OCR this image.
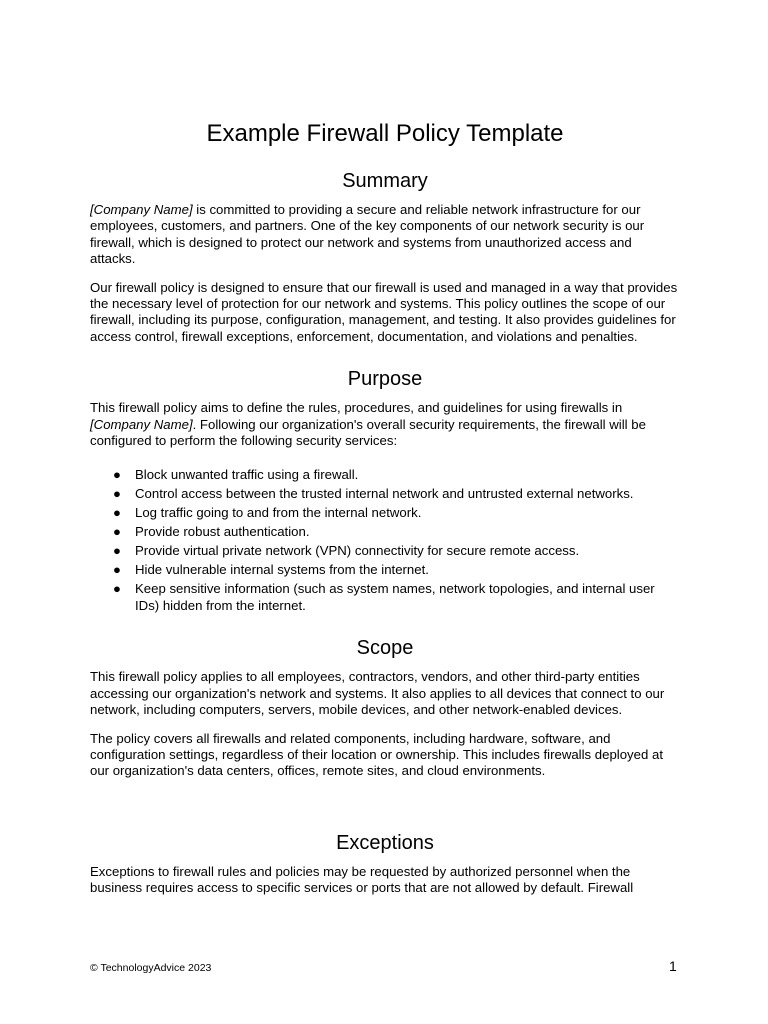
Example Firewall Policy Template
Summary

[Company Name] is committed to providing a secure and reliable network infrastructure for our employees, customers, and partners. One of the key components of our network security is our firewall, which is designed to protect our network and systems from unauthorized access and attacks.

Our firewall policy is designed to ensure that our firewall is used and managed in a way that provides the necessary level of protection for our network and systems. This policy outlines the scope of our firewall, including its purpose, configuration, management, and testing. It also provides guidelines for access control, firewall exceptions, enforcement, documentation, and violations and penalties.

Purpose

This firewall policy aims to define the rules, procedures, and guidelines for using firewalls in [Company Name]. Following our organization's overall security requirements, the firewall will be configured to perform the following security services:

● Block unwanted traffic using a firewall.
● Control access between the trusted internal network and untrusted external networks.
● Log traffic going to and from the internal network.
● Provide robust authentication.
● Provide virtual private network (VPN) connectivity for secure remote access.
● Hide vulnerable internal systems from the internet.
● Keep sensitive information (such as system names, network topologies, and internal user IDs) hidden from the internet.
Scope

This firewall policy applies to all employees, contractors, vendors, and other third-party entities accessing our organization's network and systems. It also applies to all devices that connect to our network, including computers, servers, mobile devices, and other network-enabled devices.

The policy covers all firewalls and related components, including hardware, software, and configuration settings, regardless of their location or ownership. This includes firewalls deployed at our organization's data centers, offices, remote sites, and cloud environments.

Exceptions

Exceptions to firewall rules and policies may be requested by authorized personnel when the business requires access to specific services or ports that are not allowed by default. Firewall

© TechnologyAdvice 2023	1
